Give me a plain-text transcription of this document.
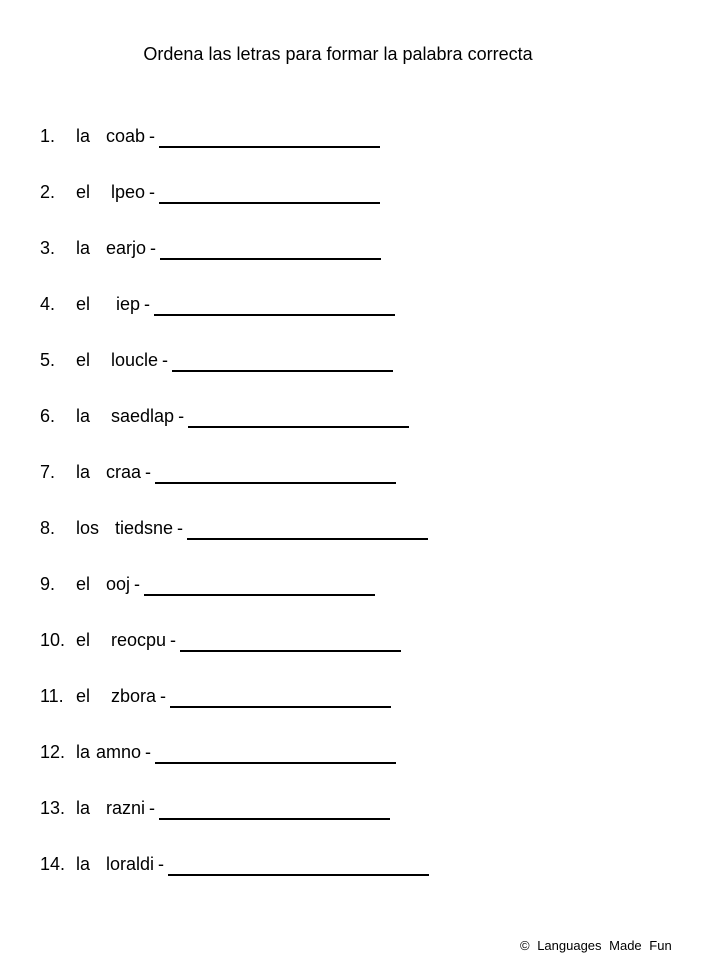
Ordena las letras para formar la palabra correcta
1.	la coab -
2.	el	lpeo -
3.	la earjo -
4.	el	iep -
5.	el	loucle -
6.	la	saedlap -
7.	la craa -
8.	los tiedsne -
9.	el ooj -
10. el	reocpu -
11. el	zbora -
12. la amno -
13. la razni -
14. la loraldi -
© Languages Made Fun
